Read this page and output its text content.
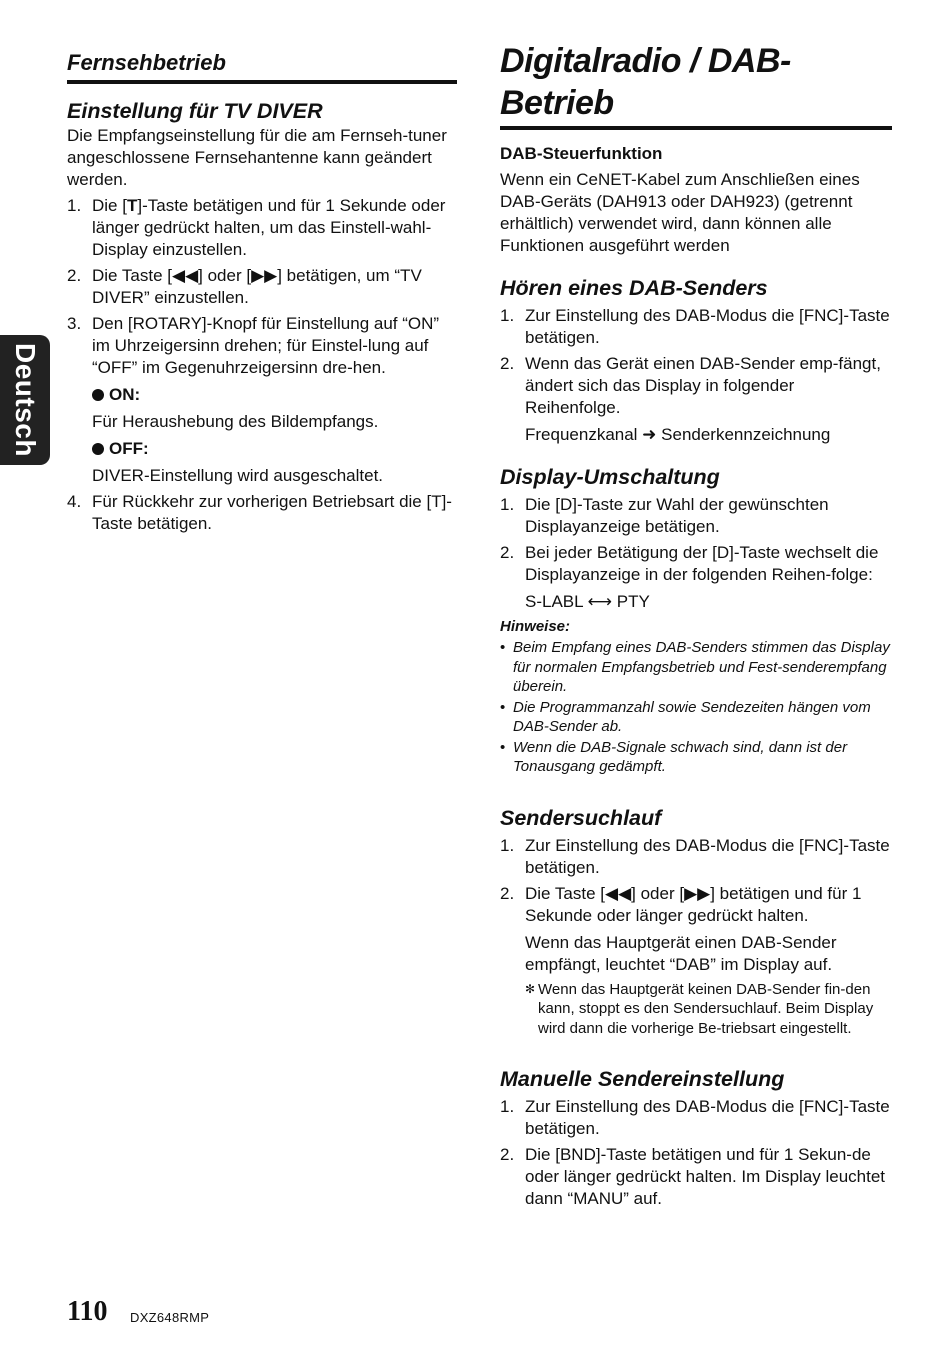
Deutsch

Fernsehbetrieb

Einstellung für TV DIVER

Die Empfangseinstellung für die am Fernseh-tuner angeschlossene Fernsehantenne kann geändert werden.

1. Die [T]-Taste betätigen und für 1 Sekunde oder länger gedrückt halten, um das Einstell-wahl-Display einzustellen.
2. Die Taste [◀◀] oder [▶▶] betätigen, um “TV DIVER” einzustellen.
3. Den [ROTARY]-Knopf für Einstellung auf “ON” im Uhrzeigersinn drehen; für Einstel-lung auf “OFF” im Gegenuhrzeigersinn dre-hen.
ON:

Für Heraushebung des Bildempfangs.

OFF:

DIVER-Einstellung wird ausgeschaltet.

4. Für Rückkehr zur vorherigen Betriebsart die [T]-Taste betätigen.

Digitalradio / DAB-Betrieb

DAB-Steuerfunktion

Wenn ein CeNET-Kabel zum Anschließen eines DAB-Geräts (DAH913 oder DAH923) (getrennt erhältlich) verwendet wird, dann können alle Funktionen ausgeführt werden

Hören eines DAB-Senders

1. Zur Einstellung des DAB-Modus die [FNC]-Taste betätigen.
2. Wenn das Gerät einen DAB-Sender emp-fängt, ändert sich das Display in folgender Reihenfolge.

Frequenzkanal ➜ Senderkennzeichnung

Display-Umschaltung

1. Die [D]-Taste zur Wahl der gewünschten Displayanzeige betätigen.
2. Bei jeder Betätigung der [D]-Taste wechselt die Displayanzeige in der folgenden Reihen-folge:

S-LABL ⟷ PTY

Hinweise:

• Beim Empfang eines DAB-Senders stimmen das Display für normalen Empfangsbetrieb und Fest-senderempfang überein.
• Die Programmanzahl sowie Sendezeiten hängen vom DAB-Sender ab.
• Wenn die DAB-Signale schwach sind, dann ist der Tonausgang gedämpft.

Sendersuchlauf

1. Zur Einstellung des DAB-Modus die [FNC]-Taste betätigen.
2. Die Taste [◀◀] oder [▶▶] betätigen und für 1 Sekunde oder länger gedrückt halten.

Wenn das Hauptgerät einen DAB-Sender empfängt, leuchtet “DAB” im Display auf.

✻ Wenn das Hauptgerät keinen DAB-Sender fin-den kann, stoppt es den Sendersuchlauf. Beim Display wird dann die vorherige Be-triebsart eingestellt.

Manuelle Sendereinstellung

1. Zur Einstellung des DAB-Modus die [FNC]-Taste betätigen.
2. Die [BND]-Taste betätigen und für 1 Sekun-de oder länger gedrückt halten. Im Display leuchtet dann “MANU” auf.
110 DXZ648RMP
